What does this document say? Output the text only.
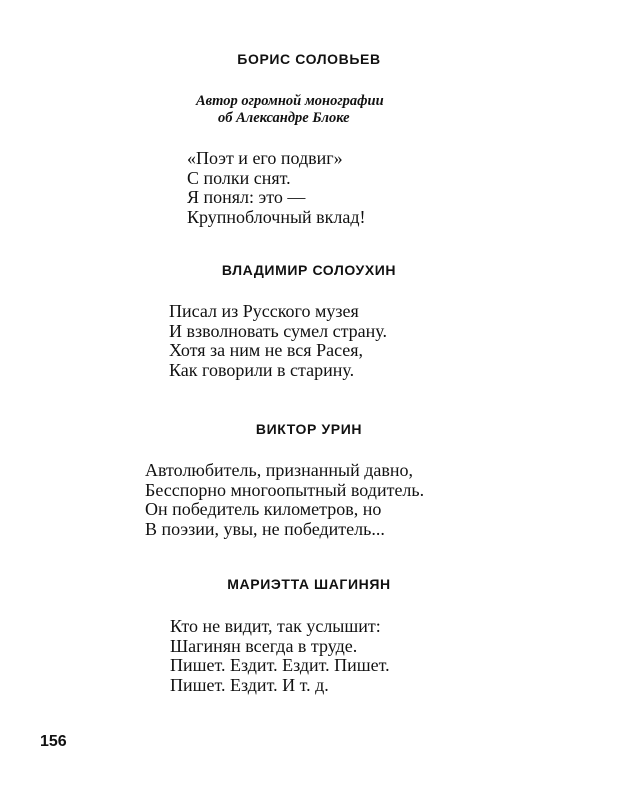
БОРИС СОЛОВЬЕВ
Автор огромной монографии
об Александре Блоке
«Поэт и его подвиг»
С полки снят.
Я понял: это —
Крупноблочный вклад!
ВЛАДИМИР СОЛОУХИН
Писал из Русского музея
И взволновать сумел страну.
Хотя за ним не вся Расея,
Как говорили в старину.
ВИКТОР УРИН
Автолюбитель, признанный давно,
Бесспорно многоопытный водитель.
Он победитель километров, но
В поэзии, увы, не победитель...
МАРИЭТТА ШАГИНЯН
Кто не видит, так услышит:
Шагинян всегда в труде.
Пишет. Ездит. Ездит. Пишет.
Пишет. Ездит. И т. д.
156
